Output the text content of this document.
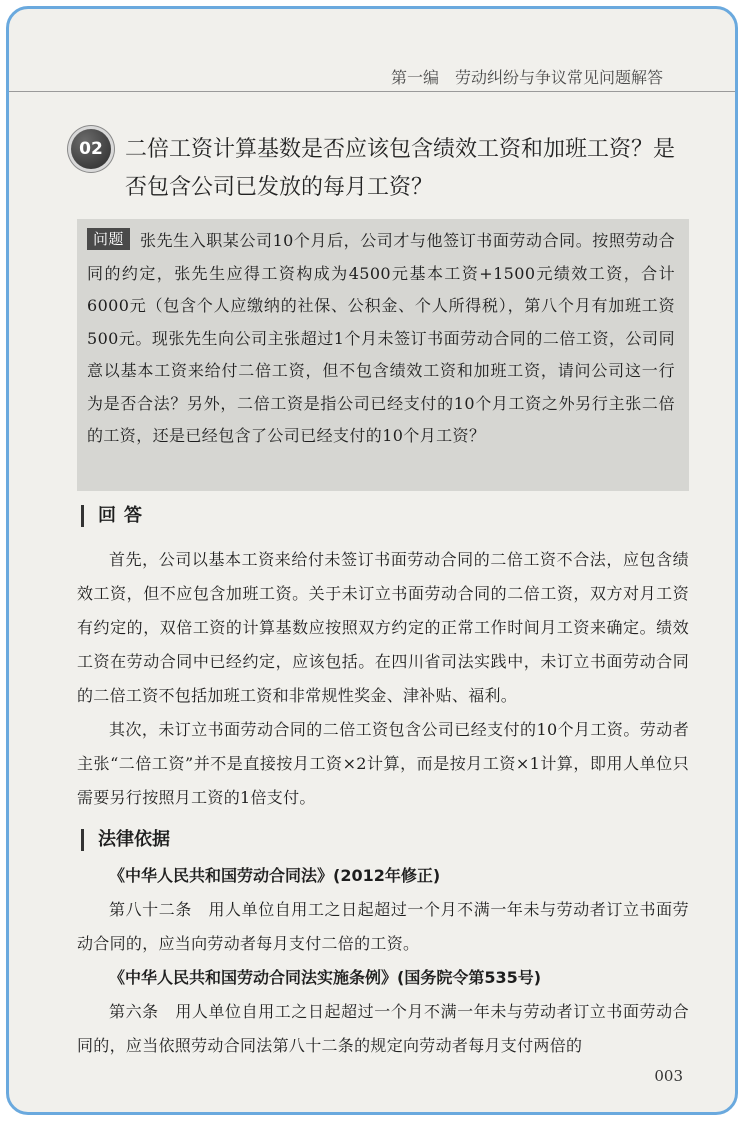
第一编　劳动纠纷与争议常见问题解答
02	二倍工资计算基数是否应该包含绩效工资和加班工资？是否包含公司已发放的每月工资？

问题 张先生入职某公司10个月后，公司才与他签订书面劳动合同。按照劳动合同的约定，张先生应得工资构成为4500元基本工资+1500元绩效工资，合计6000元（包含个人应缴纳的社保、公积金、个人所得税），第八个月有加班工资500元。现张先生向公司主张超过1个月未签订书面劳动合同的二倍工资，公司同意以基本工资来给付二倍工资，但不包含绩效工资和加班工资，请问公司这一行为是否合法？另外，二倍工资是指公司已经支付的10个月工资之外另行主张二倍的工资，还是已经包含了公司已经支付的10个月工资？

回答

首先，公司以基本工资来给付未签订书面劳动合同的二倍工资不合法，应包含绩效工资，但不应包含加班工资。关于未订立书面劳动合同的二倍工资，双方对月工资有约定的，双倍工资的计算基数应按照双方约定的正常工作时间月工资来确定。绩效工资在劳动合同中已经约定，应该包括。在四川省司法实践中，未订立书面劳动合同的二倍工资不包括加班工资和非常规性奖金、津补贴、福利。

其次，未订立书面劳动合同的二倍工资包含公司已经支付的10个月工资。劳动者主张“二倍工资”并不是直接按月工资×2计算，而是按月工资×1计算，即用人单位只需要另行按照月工资的1倍支付。

法律依据

《中华人民共和国劳动合同法》(2012年修正)

第八十二条　用人单位自用工之日起超过一个月不满一年未与劳动者订立书面劳动合同的，应当向劳动者每月支付二倍的工资。

《中华人民共和国劳动合同法实施条例》(国务院令第535号)

第六条　用人单位自用工之日起超过一个月不满一年未与劳动者订立书面劳动合同的，应当依照劳动合同法第八十二条的规定向劳动者每月支付两倍的

003
